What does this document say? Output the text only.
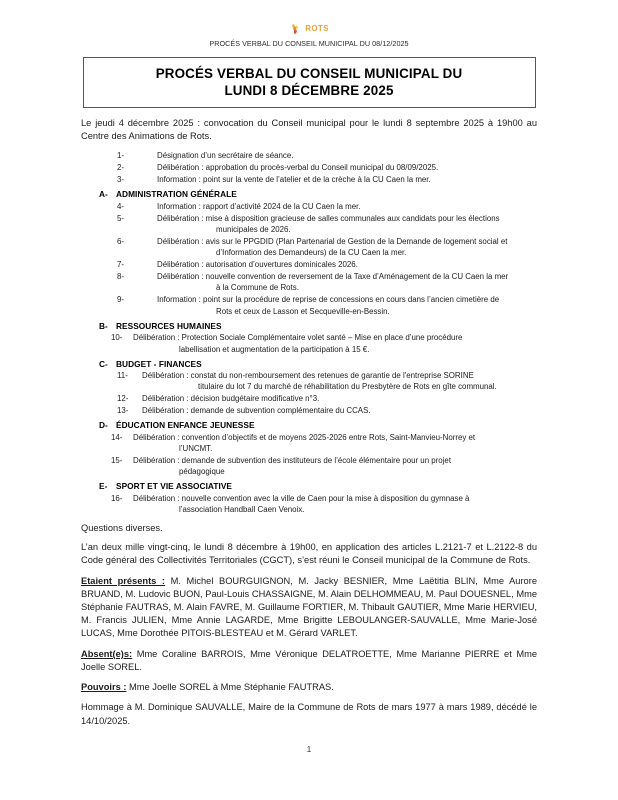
ROTS
PROCÉS VERBAL DU CONSEIL MUNICIPAL DU 08/12/2025
PROCÉS VERBAL DU CONSEIL MUNICIPAL DU
LUNDI 8 DÉCEMBRE 2025

Le jeudi 4 décembre 2025 : convocation du Conseil municipal pour le lundi 8 septembre 2025 à 19h00 au Centre des Animations de Rots.

1-	Désignation d’un secrétaire de séance.
2-	Délibération : approbation du procès-verbal du Conseil municipal du 08/09/2025.
3-	Information : point sur la vente de l’atelier et de la crèche à la CU Caen la mer.
A- ADMINISTRATION GÉNÉRALE
4-	Information : rapport d’activité 2024 de la CU Caen la mer.
5-	Délibération : mise à disposition gracieuse de salles communales aux candidats pour les élections
municipales de 2026.
6-	Délibération : avis sur le PPGDID (Plan Partenarial de Gestion de la Demande de logement social et
d’Information des Demandeurs) de la CU Caen la mer.
7-	Délibération : autorisation d’ouvertures dominicales 2026.
8-	Délibération : nouvelle convention de reversement de la Taxe d’Aménagement de la CU Caen la mer
à la Commune de Rots.
9-	Information : point sur la procédure de reprise de concessions en cours dans l’ancien cimetière de
Rots et ceux de Lasson et Secqueville-en-Bessin.
B- RESSOURCES HUMAINES
10-	Délibération : Protection Sociale Complémentaire volet santé – Mise en place d’une procédure
labellisation et augmentation de la participation à 15 €.
C- BUDGET - FINANCES
11-	Délibération : constat du non-remboursement des retenues de garantie de l'entreprise SORINE
titulaire du lot 7 du marché de réhabilitation du Presbytère de Rots en gîte communal.
12-	Délibération : décision budgétaire modificative n°3.
13-	Délibération : demande de subvention complémentaire du CCAS.
D- ÉDUCATION ENFANCE JEUNESSE
14-	Délibération : convention d’objectifs et de moyens 2025-2026 entre Rots, Saint-Manvieu-Norrey et
l’UNCMT.
15-	Délibération : demande de subvention des instituteurs de l’école élémentaire pour un projet
pédagogique
E-	SPORT ET VIE ASSOCIATIVE
16-	Délibération : nouvelle convention avec la ville de Caen pour la mise à disposition du gymnase à
l’association Handball Caen Venoix.

Questions diverses.

L’an deux mille vingt-cinq, le lundi 8 décembre à 19h00, en application des articles L.2121-7 et L.2122-8 du Code général des Collectivités Territoriales (CGCT), s’est réuni le Conseil municipal de la Commune de Rots.

Etaient présents : M. Michel BOURGUIGNON, M. Jacky BESNIER, Mme Laëtitia BLIN, Mme Aurore BRUAND, M. Ludovic BUON, Paul-Louis CHASSAIGNE, M. Alain DELHOMMEAU, M. Paul DOUESNEL, Mme Stéphanie FAUTRAS, M. Alain FAVRE, M. Guillaume FORTIER, M. Thibault GAUTIER, Mme Marie HERVIEU, M. Francis JULIEN, Mme Annie LAGARDE, Mme Brigitte LEBOULANGER-SAUVALLE, Mme Marie-José LUCAS, Mme Dorothée PITOIS-BLESTEAU et M. Gérard VARLET.

Absent(e)s: Mme Coraline BARROIS, Mme Véronique DELATROETTE, Mme Marianne PIERRE et Mme Joelle SOREL.

Pouvoirs : Mme Joelle SOREL à Mme Stéphanie FAUTRAS.

Hommage à M. Dominique SAUVALLE, Maire de la Commune de Rots de mars 1977 à mars 1989, décédé le 14/10/2025.

1
